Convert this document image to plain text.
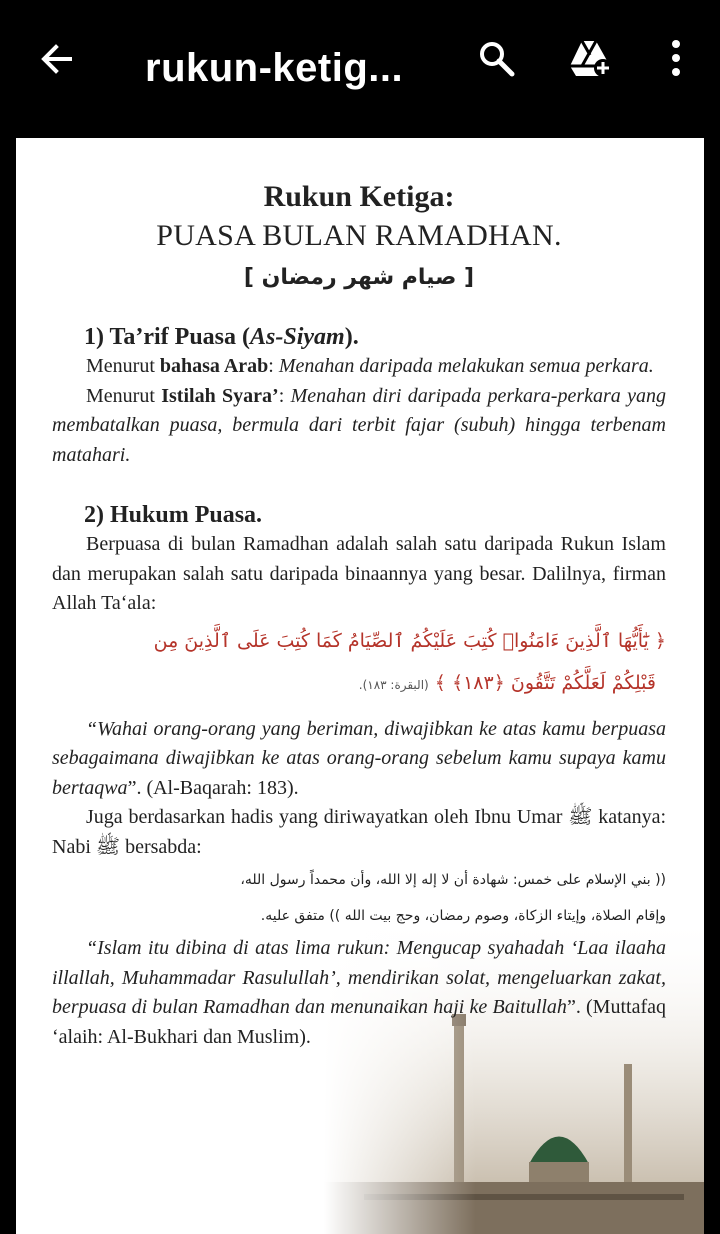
rukun-ketig...
Rukun Ketiga:
PUASA BULAN RAMADHAN.
[ صيام شهر رمضان ]
1) Ta’rif Puasa (As-Siyam).

Menurut bahasa Arab: Menahan daripada melakukan semua perkara.

Menurut Istilah Syara’: Menahan diri daripada perkara-perkara yang membatalkan puasa, bermula dari terbit fajar (subuh) hingga terbenam matahari.

2) Hukum Puasa.

Berpuasa di bulan Ramadhan adalah salah satu daripada Rukun Islam dan merupakan salah satu daripada binaannya yang besar. Dalilnya, firman Allah Ta‘ala:

﴿ يَٰٓأَيُّهَا ٱلَّذِينَ ءَامَنُوا۟ كُتِبَ عَلَيْكُمُ ٱلصِّيَامُ كَمَا كُتِبَ عَلَى ٱلَّذِينَ مِن
قَبْلِكُمْ لَعَلَّكُمْ تَتَّقُونَ ﴿١٨٣﴾ ﴾ (البقرة: ١٨٣).

“Wahai orang-orang yang beriman, diwajibkan ke atas kamu berpuasa sebagaimana diwajibkan ke atas orang-orang sebelum kamu supaya kamu bertaqwa”. (Al-Baqarah: 183).

Juga berdasarkan hadis yang diriwayatkan oleh Ibnu Umar ﷺ katanya: Nabi ﷺ bersabda:

(( بني الإسلام على خمس: شهادة أن لا إله إلا الله، وأن محمداً رسول الله،
وإقام الصلاة، وإيتاء الزكاة، وصوم رمضان، وحج بيت الله )) متفق عليه.

“Islam itu dibina di atas lima rukun: Mengucap syahadah ‘Laa ilaaha illallah, Muhammadar Rasulullah’, mendirikan solat, mengeluarkan zakat, berpuasa di bulan Ramadhan dan menunaikan haji ke Baitullah”. (Muttafaq ‘alaih: Al-Bukhari dan Muslim).
